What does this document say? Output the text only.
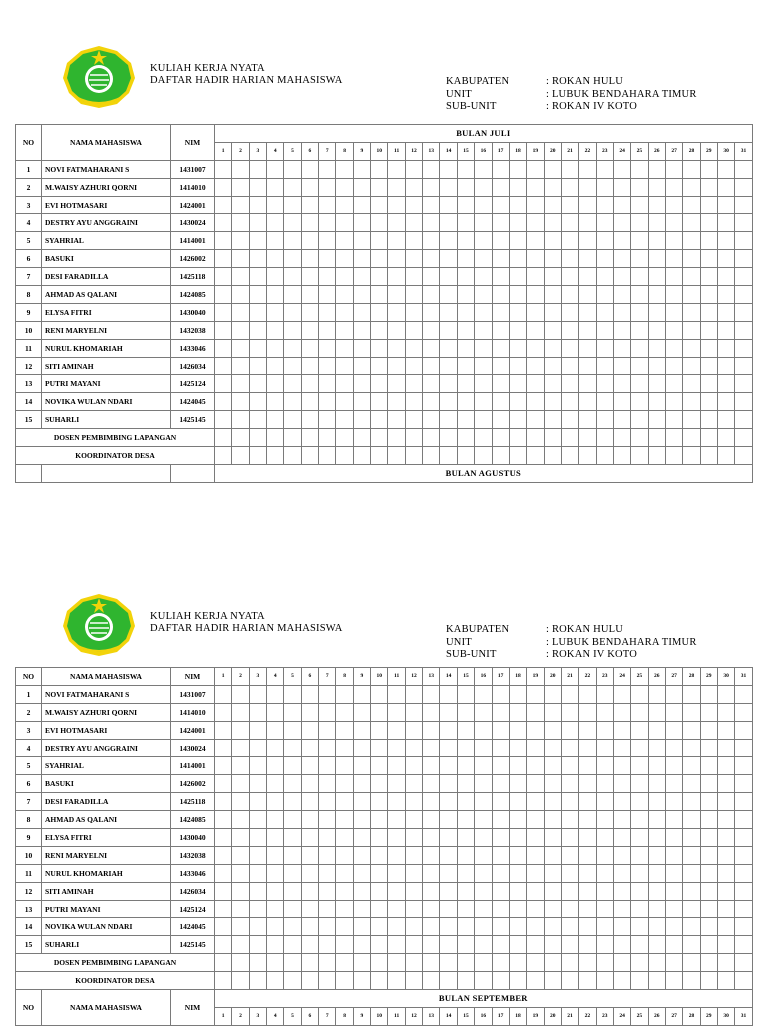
KULIAH KERJA NYATA
DAFTAR HADIR HARIAN MAHASISWA	KABUPATEN	: ROKAN HULU
UNIT	: LUBUK BENDAHARA TIMUR
SUB-UNIT	: ROKAN IV KOTO
NO	NAMA MAHASISWA	NIM	BULAN JULI																														
			1	2	3	4	5	6	7	8	9	10	11	12	13	14	15	16	17	18	19	20	21	22	23	24	25	26	27	28	29	30	31
1	NOVI FATMAHARANI S	1431007																															
2	M.WAISY AZHURI QORNI	1414010																															
3	EVI HOTMASARI	1424001																															
4	DESTRY AYU ANGGRAINI	1430024																															
5	SYAHRIAL	1414001																															
6	BASUKI	1426002																															
7	DESI FARADILLA	1425118																															
8	AHMAD AS QALANI	1424085																															
9	ELYSA FITRI	1430040																															
10	RENI MARYELNI	1432038																															
11	NURUL KHOMARIAH	1433046																															
12	SITI AMINAH	1426034																															
13	PUTRI MAYANI	1425124																															
14	NOVIKA WULAN NDARI	1424045																															
15	SUHARLI	1425145																															
DOSEN PEMBIMBING LAPANGAN																																	
KOORDINATOR DESA																																	
			BULAN AGUSTUS																														
KULIAH KERJA NYATA
DAFTAR HADIR HARIAN MAHASISWA	KABUPATEN	: ROKAN HULU
UNIT	: LUBUK BENDAHARA TIMUR
SUB-UNIT	: ROKAN IV KOTO
NO	NAMA MAHASISWA	NIM	1	2	3	4	5	6	7	8	9	10	11	12	13	14	15	16	17	18	19	20	21	22	23	24	25	26	27	28	29	30	31
1	NOVI FATMAHARANI S	1431007																															
2	M.WAISY AZHURI QORNI	1414010																															
3	EVI HOTMASARI	1424001																															
4	DESTRY AYU ANGGRAINI	1430024																															
5	SYAHRIAL	1414001																															
6	BASUKI	1426002																															
7	DESI FARADILLA	1425118																															
8	AHMAD AS QALANI	1424085																															
9	ELYSA FITRI	1430040																															
10	RENI MARYELNI	1432038																															
11	NURUL KHOMARIAH	1433046																															
12	SITI AMINAH	1426034																															
13	PUTRI MAYANI	1425124																															
14	NOVIKA WULAN NDARI	1424045																															
15	SUHARLI	1425145																															
DOSEN PEMBIMBING LAPANGAN																																	
KOORDINATOR DESA																																	
NO	NAMA MAHASISWA	NIM	BULAN SEPTEMBER																														
			1	2	3	4	5	6	7	8	9	10	11	12	13	14	15	16	17	18	19	20	21	22	23	24	25	26	27	28	29	30	31
